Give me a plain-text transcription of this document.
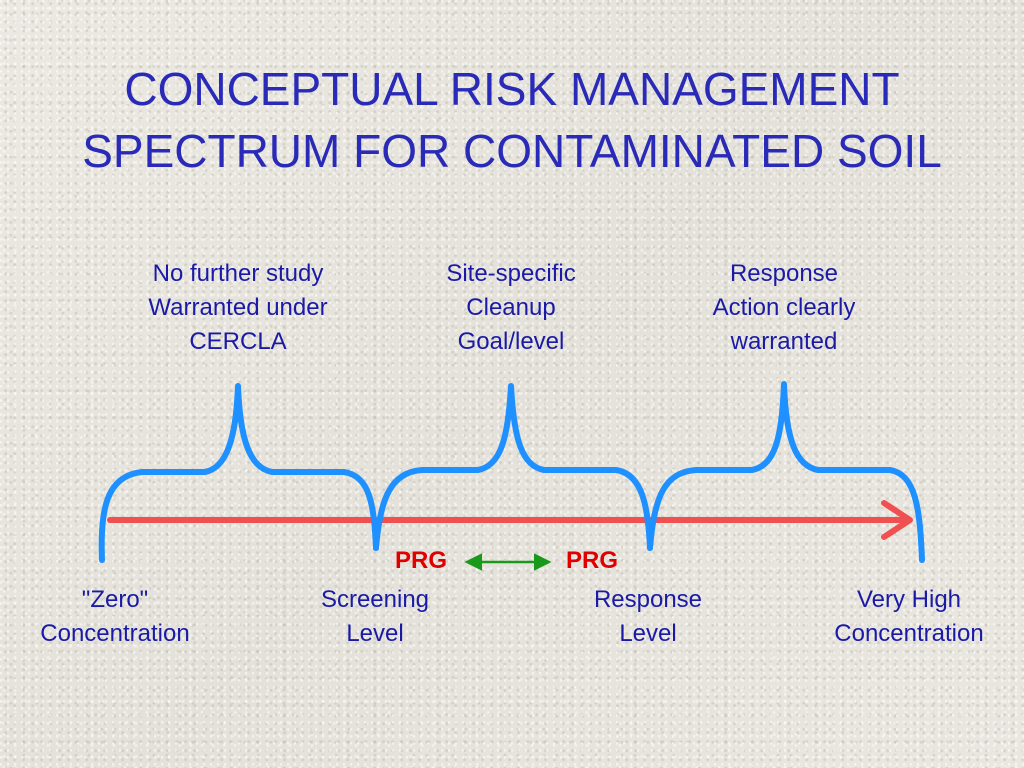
CONCEPTUAL RISK MANAGEMENT
SPECTRUM FOR CONTAMINATED SOIL
No further study
Warranted under
CERCLA
Site-specific
Cleanup
Goal/level
Response
Action clearly
warranted
PRG	PRG
"Zero"
Concentration
Screening
Level
Response
Level
Very High
Concentration
